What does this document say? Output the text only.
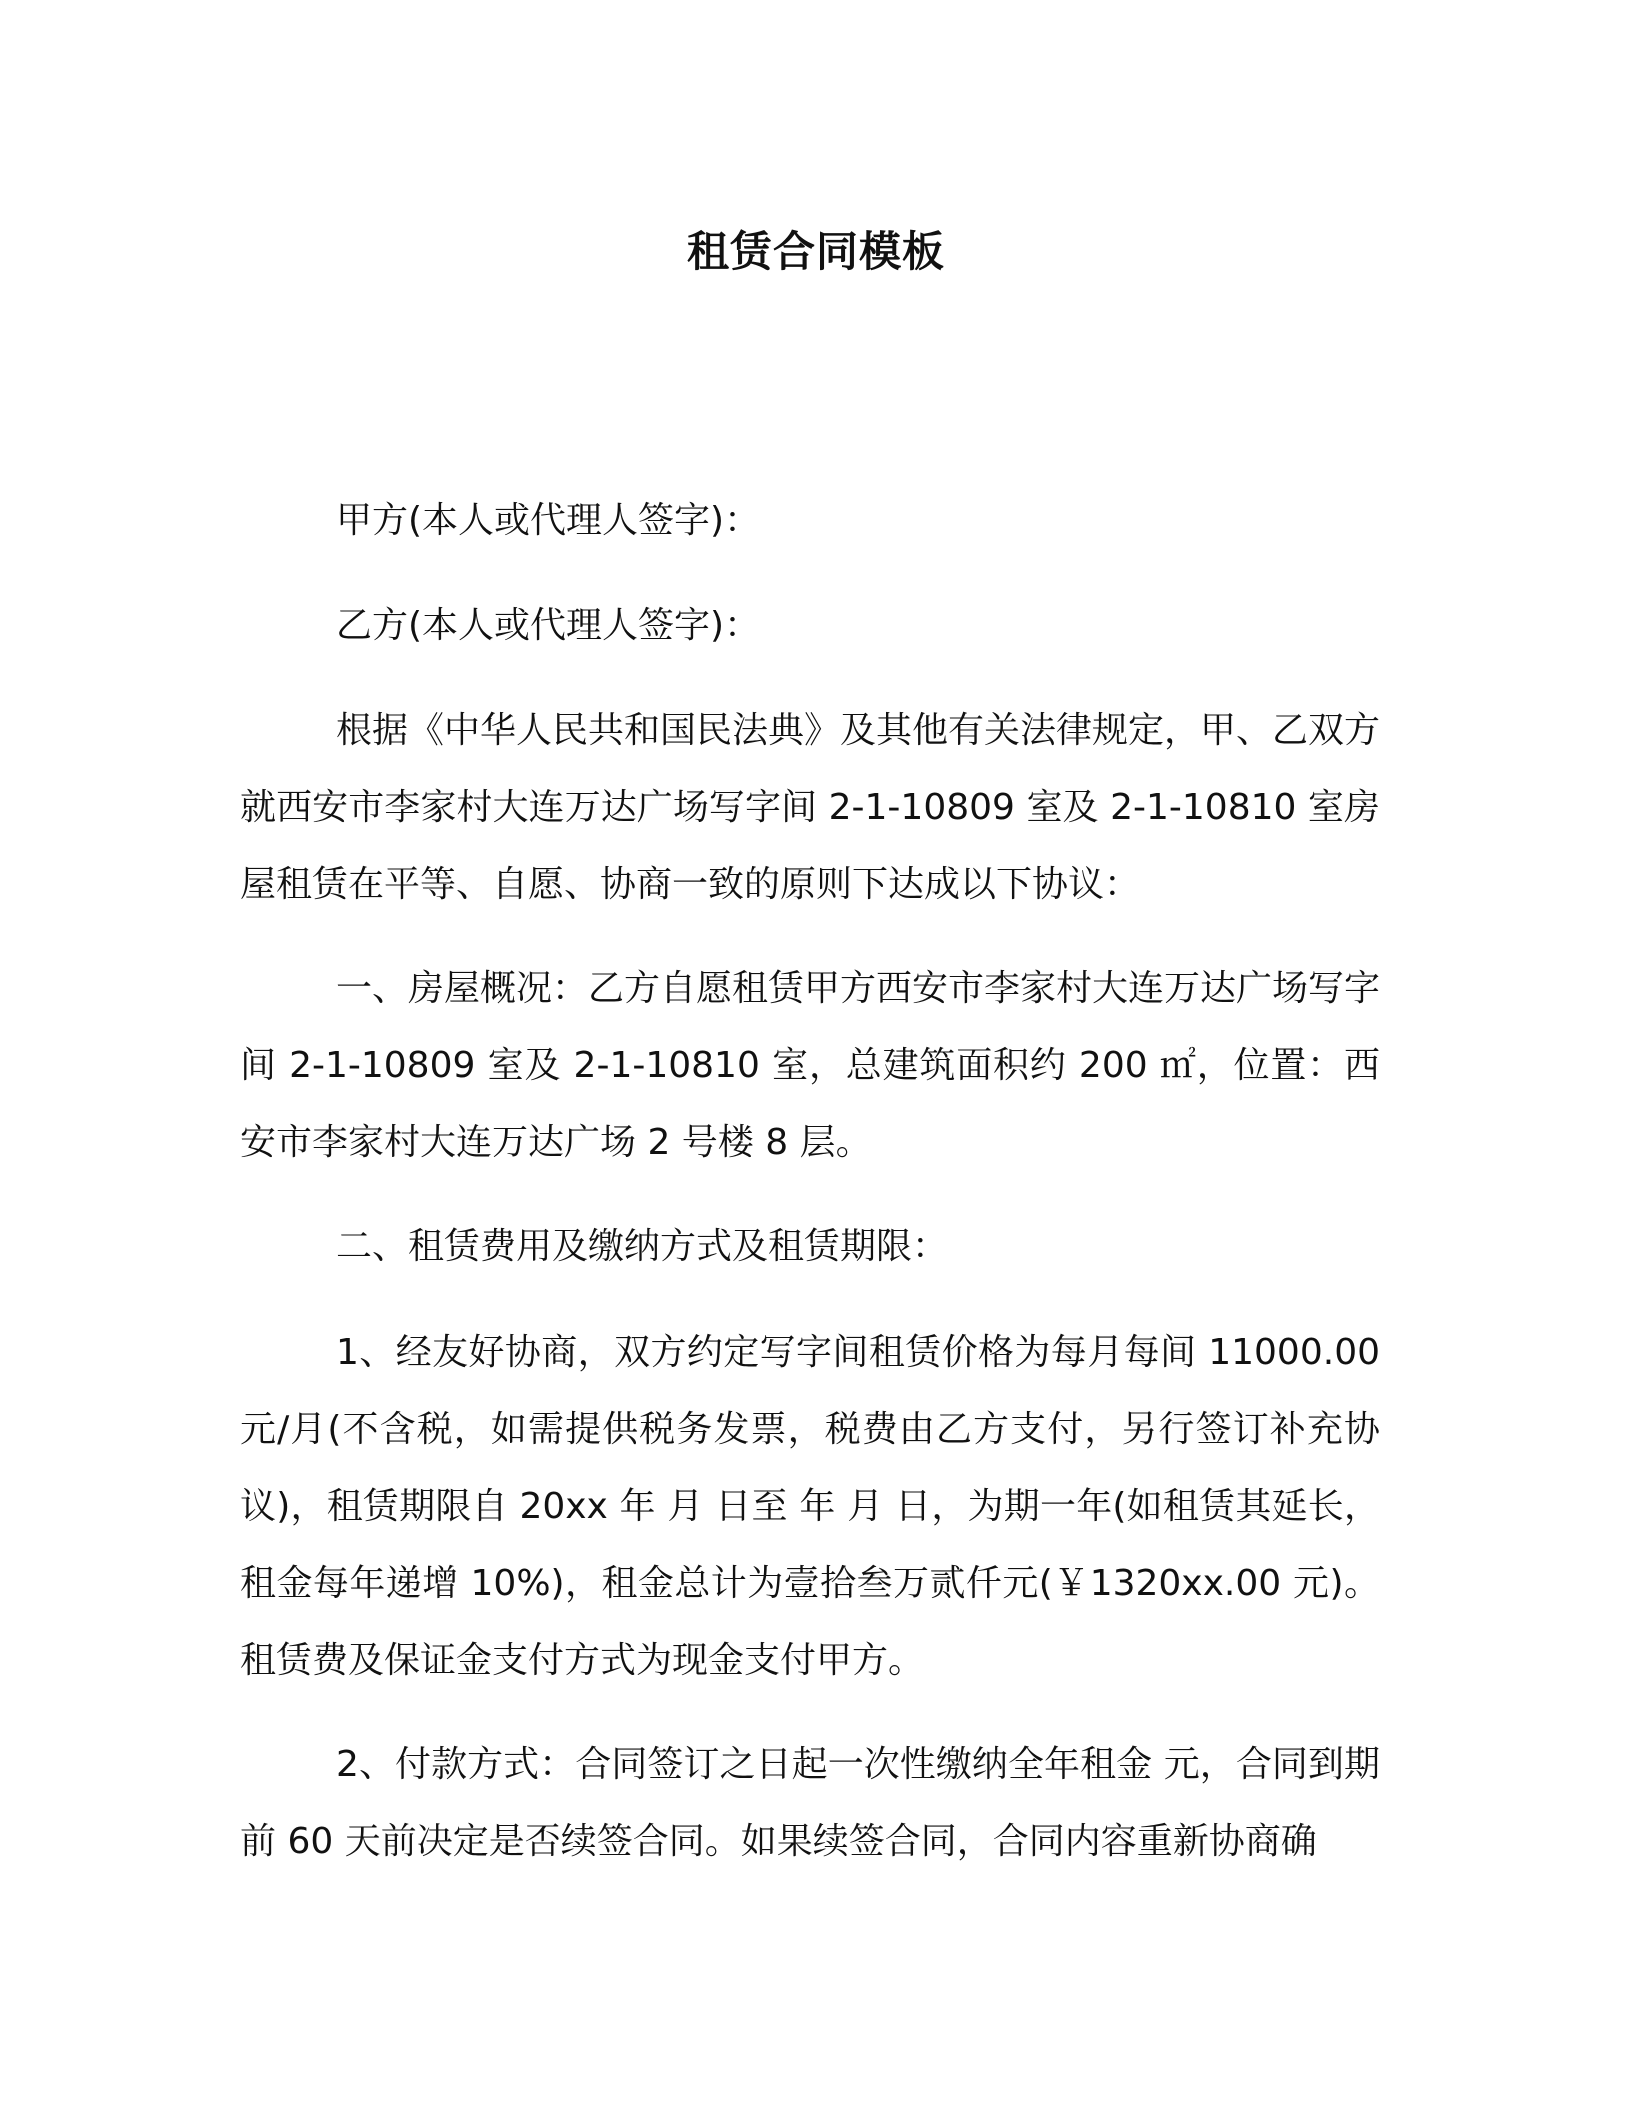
租赁合同模板

甲方(本人或代理人签字)：

乙方(本人或代理人签字)：

根据《中华人民共和国民法典》及其他有关法律规定，甲、乙双方就西安市李家村大连万达广场写字间 2-1-10809 室及 2-1-10810 室房屋租赁在平等、自愿、协商一致的原则下达成以下协议：

一、房屋概况：乙方自愿租赁甲方西安市李家村大连万达广场写字间 2-1-10809 室及 2-1-10810 室，总建筑面积约 200 ㎡，位置：西安市李家村大连万达广场 2 号楼 8 层。

二、租赁费用及缴纳方式及租赁期限：

1、经友好协商，双方约定写字间租赁价格为每月每间 11000.00 元/月(不含税，如需提供税务发票，税费由乙方支付，另行签订补充协议)，租赁期限自 20xx 年 月 日至 年 月 日，为期一年(如租赁其延长，租金每年递增 10%)，租金总计为壹拾叁万贰仟元(￥1320xx.00 元)。租赁费及保证金支付方式为现金支付甲方。

2、付款方式：合同签订之日起一次性缴纳全年租金 元，合同到期前 60 天前决定是否续签合同。如果续签合同，合同内容重新协商确
